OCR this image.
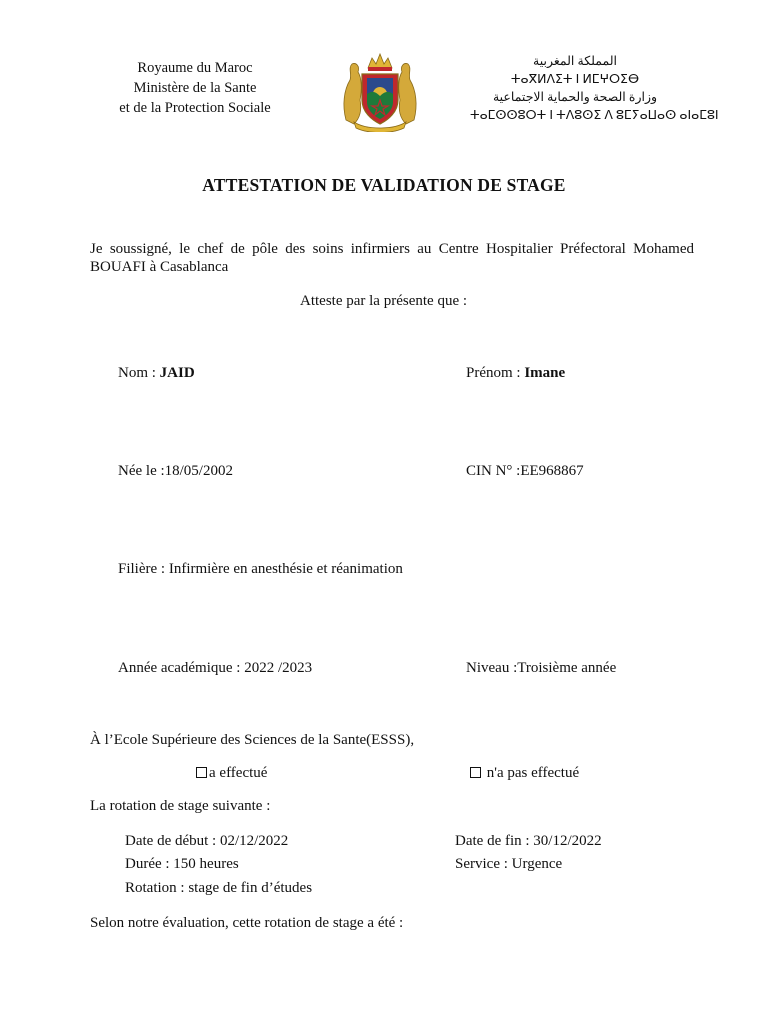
Royaume du Maroc
Ministère de la Sante
et de la Protection Sociale
المملكة المغربية
ⵜⴰⴳⵍⴷⵉⵜ ⵏ ⵍⵎⵖⵔⵉⴱ
وزارة الصحة والحماية الاجتماعية
ⵜⴰⵎⵙⵙⵓⵔⵜ ⵏ ⵜⴷⵓⵙⵉ ⴷ ⵓⵎⵢⴰⵡⴰⵙ ⴰⵏⴰⵎⵓⵏ
ATTESTATION DE VALIDATION DE STAGE
Je soussigné, le chef de pôle des soins infirmiers au Centre Hospitalier Préfectoral Mohamed BOUAFI à Casablanca
Atteste par la présente que :
Nom : JAID	Prénom : Imane
Née le :18/05/2002	CIN N° :EE968867
Filière : Infirmière en anesthésie et réanimation
Année académique : 2022 /2023	Niveau :Troisième année
À l’Ecole Supérieure des Sciences de la Sante(ESSS),
a effectué	n'a pas effectué
La rotation de stage suivante :
Date de début : 02/12/2022	Date de fin : 30/12/2022
Durée : 150 heures	Service : Urgence
Rotation : stage de fin d’études
Selon notre évaluation, cette rotation de stage a été :
